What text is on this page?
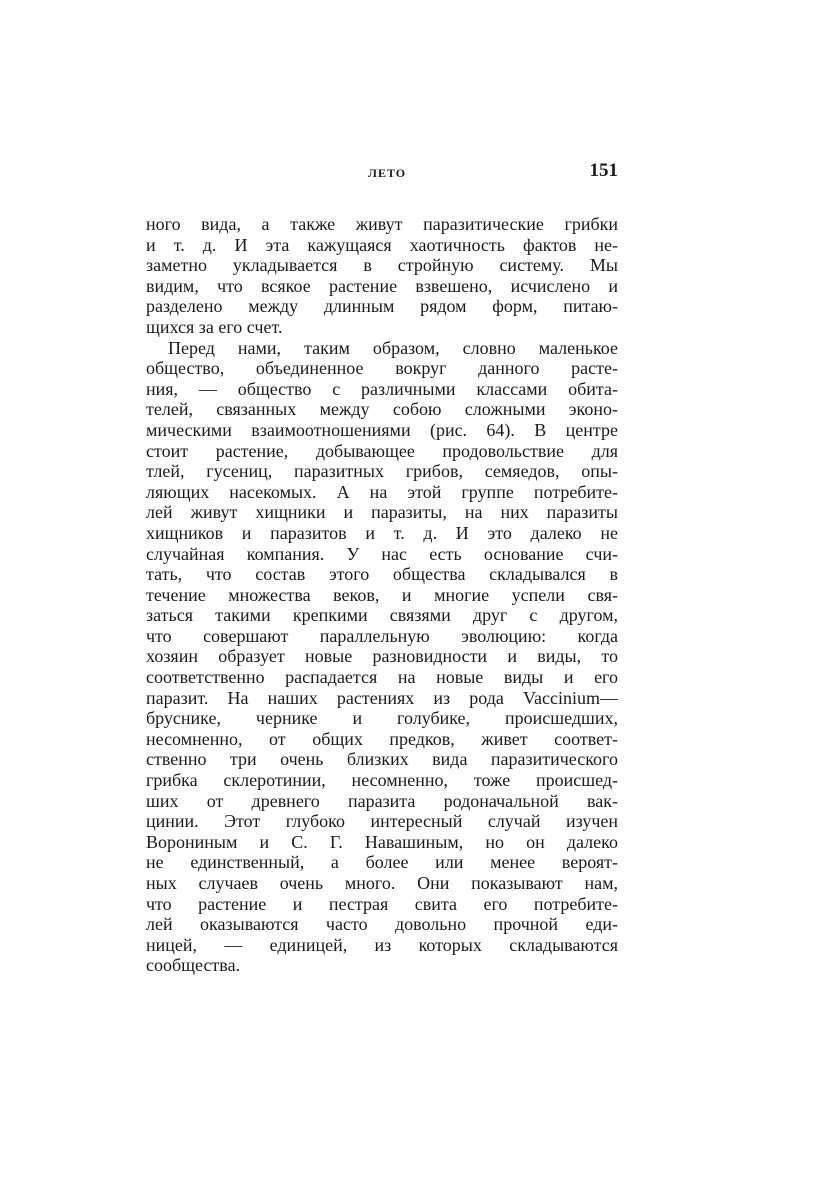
ЛЕТО	151
ного вида, а также живут паразитические грибки
и т. д. И эта кажущаяся хаотичность фактов не-
заметно укладывается в стройную систему. Мы
видим, что всякое растение взвешено, исчислено и
разделено между длинным рядом форм, питаю-
щихся за его счет.
Перед нами, таким образом, словно маленькое
общество, объединенное вокруг данного расте-
ния, — общество с различными классами обита-
телей, связанных между собою сложными эконо-
мическими взаимоотношениями (рис. 64). В центре
стоит растение, добывающее продовольствие для
тлей, гусениц, паразитных грибов, семяедов, опы-
ляющих насекомых. А на этой группе потребите-
лей живут хищники и паразиты, на них паразиты
хищников и паразитов и т. д. И это далеко не
случайная компания. У нас есть основание счи-
тать, что состав этого общества складывался в
течение множества веков, и многие успели свя-
заться такими крепкими связями друг с другом,
что совершают параллельную эволюцию: когда
хозяин образует новые разновидности и виды, то
соответственно распадается на новые виды и его
паразит. На наших растениях из рода Vaccinium—
бруснике, чернике и голубике, происшедших,
несомненно, от общих предков, живет соответ-
ственно три очень близких вида паразитического
грибка склеротинии, несомненно, тоже происшед-
ших от древнего паразита родоначальной вак-
цинии. Этот глубоко интересный случай изучен
Ворониным и С. Г. Навашиным, но он далеко
не единственный, а более или менее вероят-
ных случаев очень много. Они показывают нам,
что растение и пестрая свита его потребите-
лей оказываются часто довольно прочной еди-
ницей, — единицей, из которых складываются
сообщества.
